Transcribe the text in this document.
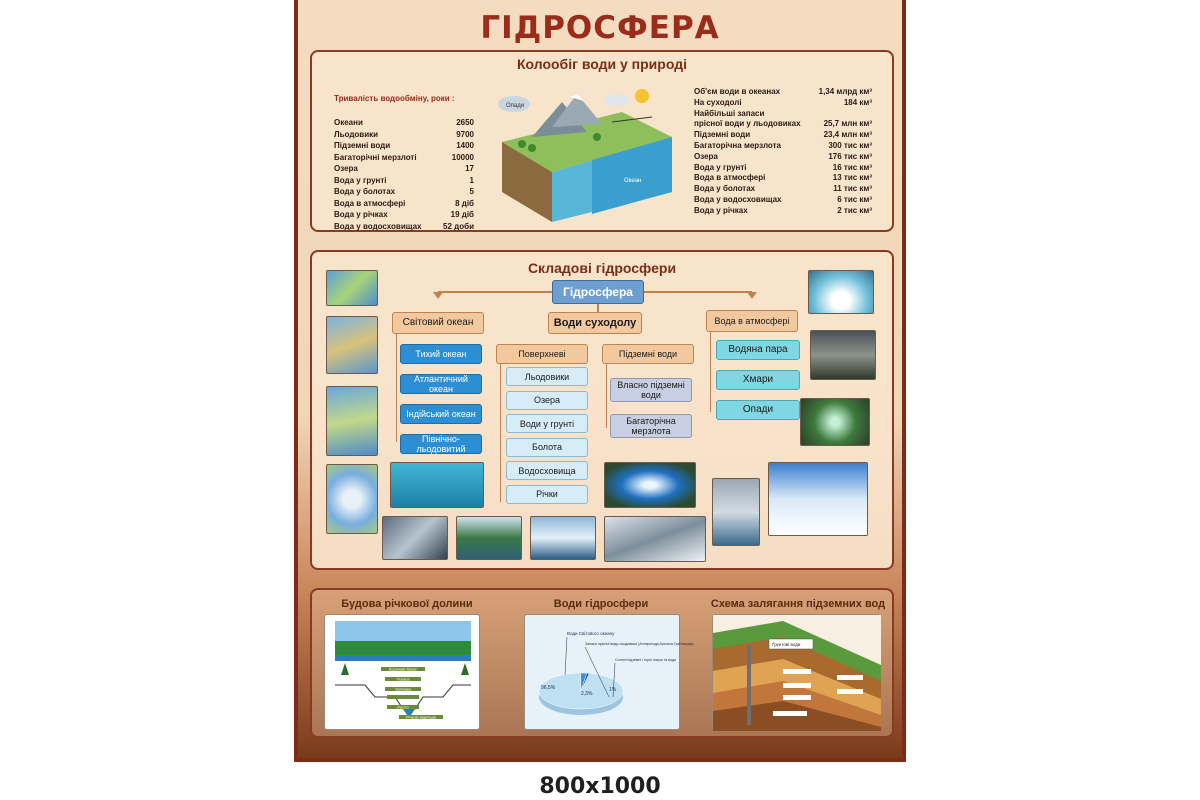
ГІДРОСФЕРА
Колообіг води у природі
Тривалість водообміну, роки :
Океани	2650
Льодовики	9700
Підземні води	1400
Багаторічні мерзлоті	10000
Озера	17
Вода у грунті	1
Вода у болотах	5
Вода в атмосфері	8 діб
Вода у річках	19 діб
Вода у водосховищах	52 доби
Опади
Океан
Об'єм води в океанах	1,34 млрд км³
На суходолі	184 км³
Найбільші запаси
прісної води у льодовиках	25,7 млн км³
Підземні води	23,4 млн км³
Багаторічна мерзлота	300 тис км³
Озера	176 тис км³
Вода у грунті	16 тис км³
Вода в атмосфері	13 тис км³
Вода у болотах	11 тис км³
Вода у водосховищах	6 тис км³
Вода у річках	2 тис км³
Складові гідросфери
Гідросфера
Світовий океан	Води суходолу	Вода в атмосфері
Тихий океан
Атлантичний океан
Індійський океан
Північно-льодовитий
Поверхневі	Підземні води
Льодовики
Озера
Води у грунті
Болота
Водосховища
Річки
Власно підземні води
Багаторічна мерзлота
Водяна пара
Хмари
Опади
Будова річкової долини	Води гідросфери	Схема залягання підземних вод
Корінний берег
Тераса
Заплава
Русло
Річкові відклади
Води Світового океану
Запаси прісної води-льодовики (Антарктида,Арктика,Гренландія)
Солоні підземні і горні озера та води
96,5%
2,3%
1%
Ґрунтові води
800x1000
